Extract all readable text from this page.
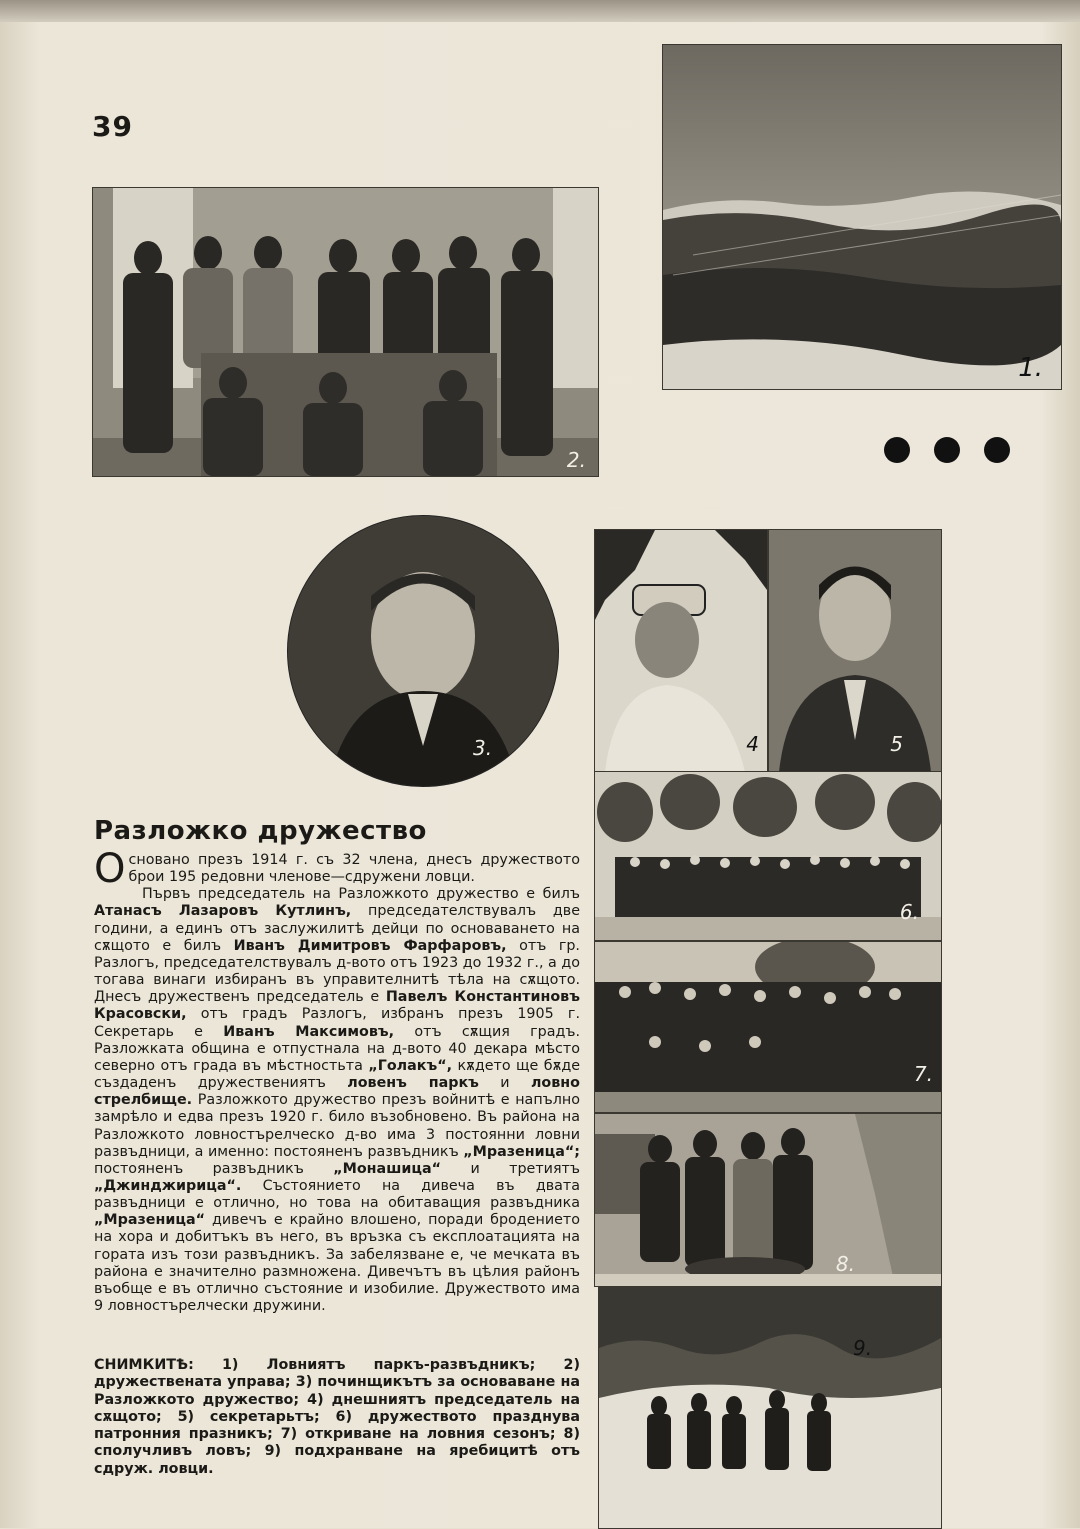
39
1.
2.
3.	4	5
6.
7.
8.
9.
Разложко дружество

Основано презъ 1914 г. съ 32 члена, днесъ дружеството брои 195 редовни членове—сдружени ловци.

Първъ председатель на Разложкото дружество е билъ Атанасъ Лазаровъ Кутлинъ, председателствувалъ две години, а единъ отъ заслужилитѣ дейци по основаването на сѫщото е билъ Иванъ Димитровъ Фарфаровъ, отъ гр. Разлогъ, председателствувалъ д-вото отъ 1923 до 1932 г., а до тогава винаги избиранъ въ управителнитѣ тѣла на сѫщото. Днесъ дружественъ председатель е Павелъ Константиновъ Красовски, отъ градъ Разлогъ, избранъ презъ 1905 г. Секретарь е Иванъ Максимовъ, отъ сѫщия градъ. Разложката община е отпустнала на д-вото 40 декара мѣсто северно отъ града въ мѣстностьта „Голакъ“, кѫдето ще бѫде създаденъ дружествениятъ ловенъ паркъ и ловно стрелбище. Разложкото дружество презъ войнитѣ е напълно замрѣло и едва презъ 1920 г. било възобновено. Въ района на Разложкото ловностърелческо д-во има 3 постоянни ловни развъдници, а именно: постояненъ развъдникъ „Мразеница“; постояненъ развъдникъ „Монашица“ и третиятъ „Джинджирица“. Състоянието на дивеча въ двата развъдници е отлично, но това на обитаващия развъдника „Мразеница“ дивечъ е крайно влошено, поради бродението на хора и добитъкъ въ него, въ връзка съ експлоатацията на гората изъ този развъдникъ. За забелязване е, че мечката въ района е значително размножена. Дивечътъ въ цѣлия районъ въобще е въ отлично състояние и изобилие. Дружеството има 9 ловностърелчески дружини.

СНИМКИТѢ: 1) Ловниятъ паркъ-развъдникъ; 2) дружествената управа; 3) починщикътъ за основаване на Разложкото дружество; 4) днешниятъ председатель на сѫщото; 5) секретарьтъ; 6) дружеството празднува патронния празникъ; 7) откриване на ловния сезонъ; 8) сполучливъ ловъ; 9) подхранване на яребицитѣ отъ сдруж. ловци.
